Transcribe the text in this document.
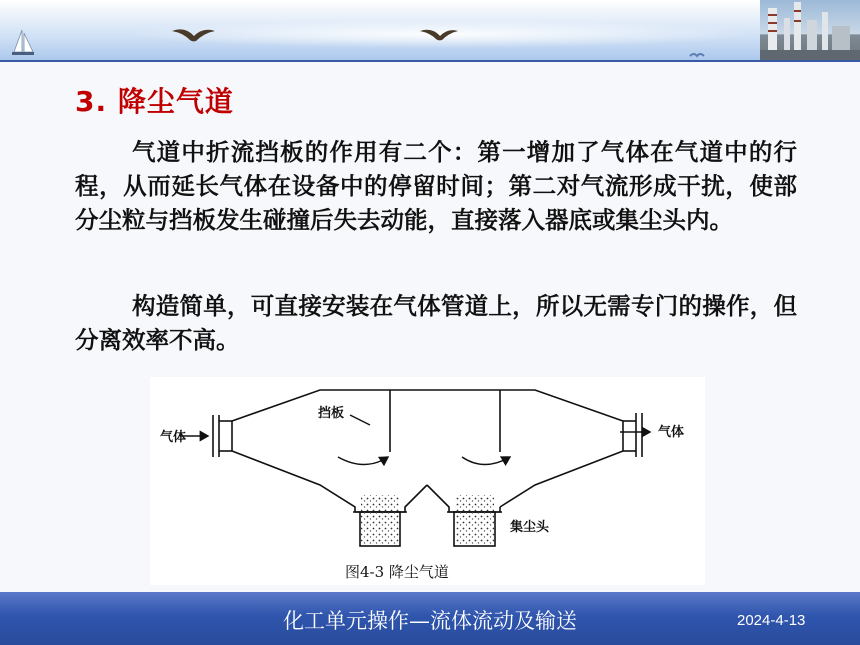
3. 降尘气道

气道中折流挡板的作用有二个：第一增加了气体在气道中的行程，从而延长气体在设备中的停留时间；第二对气流形成干扰，使部分尘粒与挡板发生碰撞后失去动能，直接落入器底或集尘头内。

构造简单，可直接安装在气体管道上，所以无需专门的操作，但分离效率不高。

气体	气体
挡板
集尘头
图4-3 降尘气道
化工单元操作—流体流动及输送	2024-4-13
